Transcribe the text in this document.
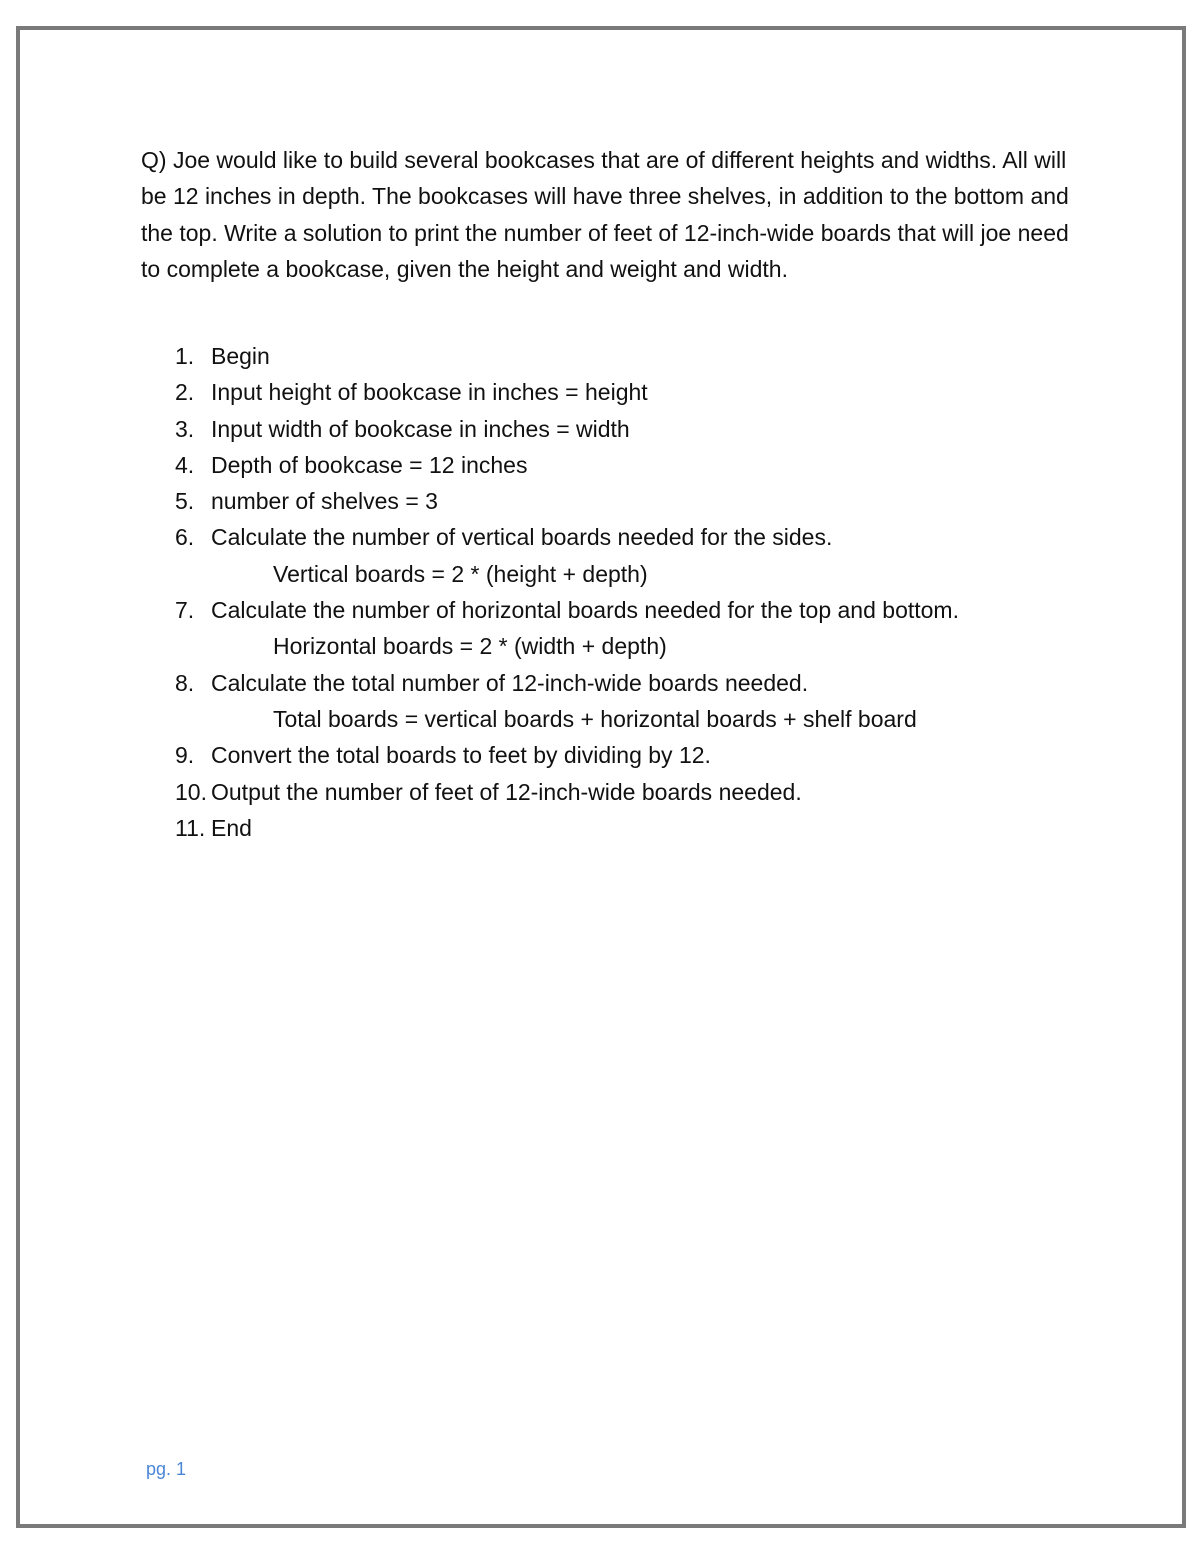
Q) Joe would like to build several bookcases that are of different heights and widths. All will be 12 inches in depth. The bookcases will have three shelves, in addition to the bottom and the top. Write a solution to print the number of feet of 12-inch-wide boards that will joe need to complete a bookcase, given the height and weight and width.

1. Begin
2. Input height of bookcase in inches = height
3. Input width of bookcase in inches = width
4. Depth of bookcase = 12 inches
5. number of shelves = 3
6. Calculate the number of vertical boards needed for the sides.
Vertical boards = 2 * (height + depth)
7. Calculate the number of horizontal boards needed for the top and bottom.
Horizontal boards = 2 * (width + depth)
8. Calculate the total number of 12-inch-wide boards needed.
Total boards = vertical boards + horizontal boards + shelf board
9. Convert the total boards to feet by dividing by 12.
10. Output the number of feet of 12-inch-wide boards needed.
11. End
pg. 1
